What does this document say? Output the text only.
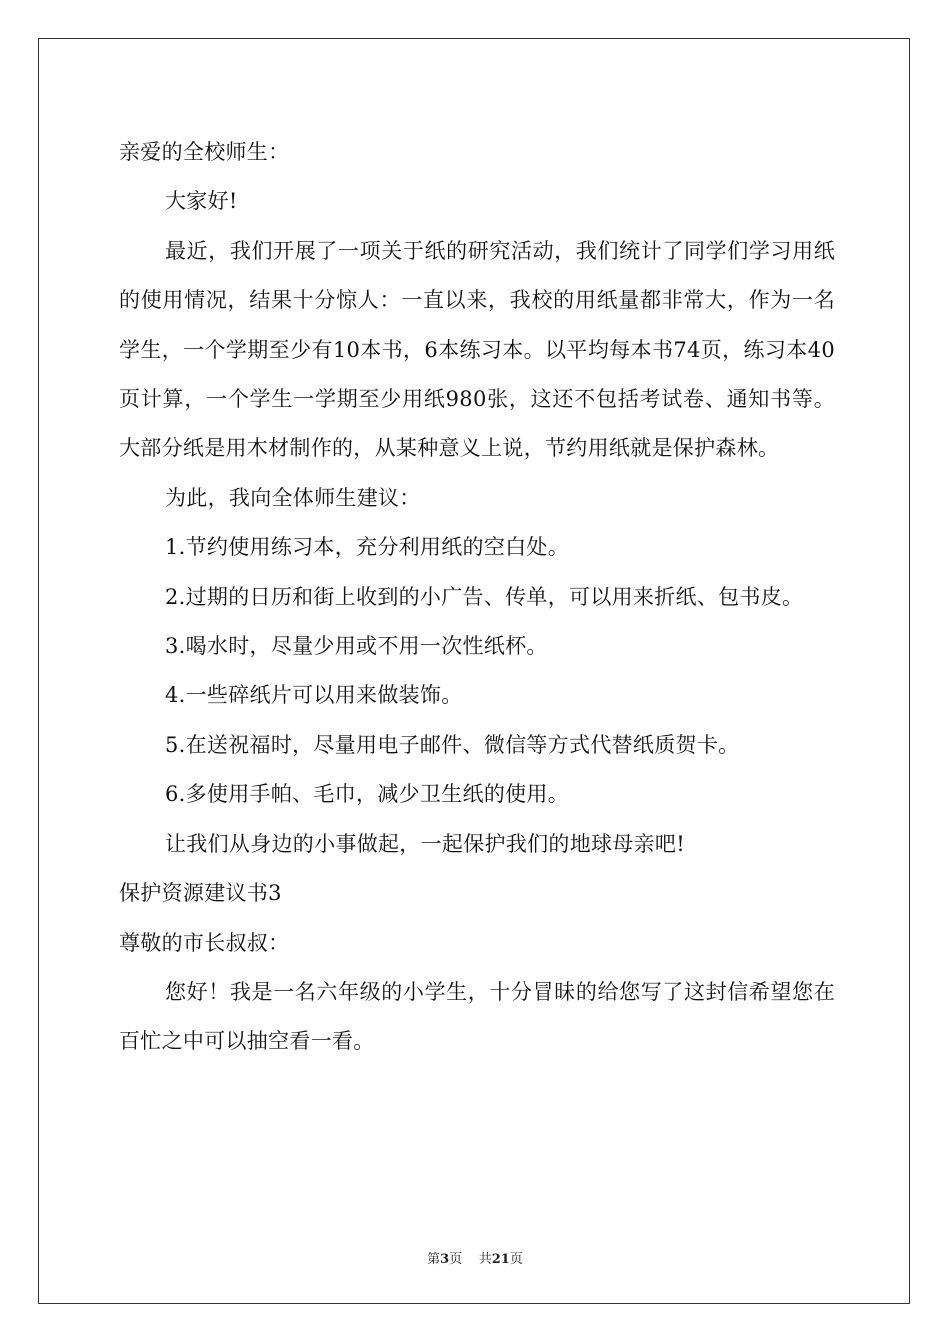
亲爱的全校师生：

大家好!

最近，我们开展了一项关于纸的研究活动，我们统计了同学们学习用纸的使用情况，结果十分惊人：一直以来，我校的用纸量都非常大，作为一名学生，一个学期至少有10本书，6本练习本。以平均每本书74页，练习本40页计算，一个学生一学期至少用纸980张，这还不包括考试卷、通知书等。大部分纸是用木材制作的，从某种意义上说，节约用纸就是保护森林。

为此，我向全体师生建议：

1.节约使用练习本，充分利用纸的空白处。

2.过期的日历和街上收到的小广告、传单，可以用来折纸、包书皮。

3.喝水时，尽量少用或不用一次性纸杯。

4.一些碎纸片可以用来做装饰。

5.在送祝福时，尽量用电子邮件、微信等方式代替纸质贺卡。

6.多使用手帕、毛巾，减少卫生纸的使用。

让我们从身边的小事做起，一起保护我们的地球母亲吧!

保护资源建议书3

尊敬的市长叔叔：

您好！我是一名六年级的小学生，十分冒昧的给您写了这封信希望您在百忙之中可以抽空看一看。

第3页 共21页
